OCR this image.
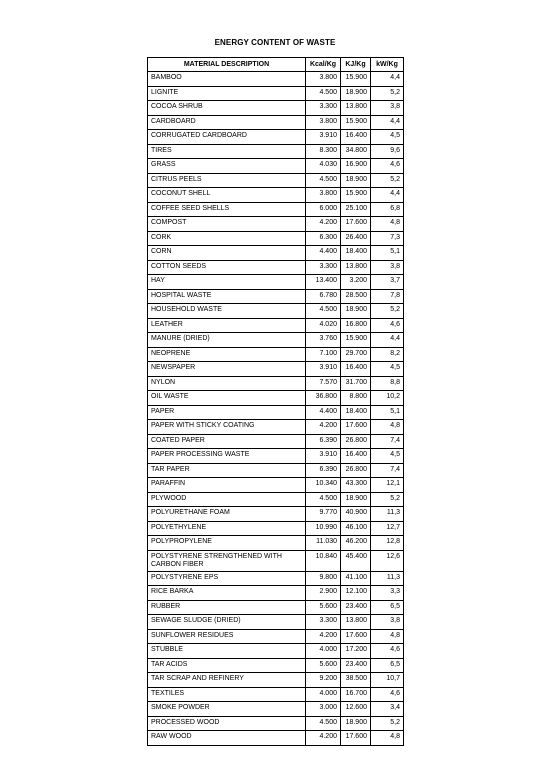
ENERGY CONTENT OF WASTE
MATERIAL DESCRIPTION	Kcal/Kg	KJ/Kg	kW/Kg
BAMBOO	3.800	15.900	4,4
LIGNITE	4.500	18.900	5,2
COCOA SHRUB	3.300	13.800	3,8
CARDBOARD	3.800	15.900	4,4
CORRUGATED CARDBOARD	3.910	16.400	4,5
TIRES	8.300	34.800	9,6
GRASS	4.030	16.900	4,6
CITRUS PEELS	4.500	18.900	5,2
COCONUT SHELL	3.800	15.900	4,4
COFFEE SEED SHELLS	6.000	25.100	6,8
COMPOST	4.200	17.600	4,8
CORK	6.300	26.400	7,3
CORN	4.400	18.400	5,1
COTTON SEEDS	3.300	13.800	3,8
HAY	13.400	3.200	3,7
HOSPITAL WASTE	6.780	28.500	7,8
HOUSEHOLD WASTE	4.500	18.900	5,2
LEATHER	4.020	16.800	4,6
MANURE (DRIED)	3.760	15.900	4,4
NEOPRENE	7.100	29.700	8,2
NEWSPAPER	3.910	16.400	4,5
NYLON	7.570	31.700	8,8
OIL WASTE	36.800	8.800	10,2
PAPER	4.400	18.400	5,1
PAPER WITH STICKY COATING	4.200	17.600	4,8
COATED PAPER	6.390	26.800	7,4
PAPER PROCESSING WASTE	3.910	16.400	4,5
TAR PAPER	6.390	26.800	7,4
PARAFFIN	10.340	43.300	12,1
PLYWOOD	4.500	18.900	5,2
POLYURETHANE FOAM	9.770	40.900	11,3
POLYETHYLENE	10.990	46.100	12,7
POLYPROPYLENE	11.030	46.200	12,8
POLYSTYRENE STRENGTHENED WITH CARBON FIBER	10.840	45.400	12,6
POLYSTYRENE EPS	9.800	41.100	11,3
RICE BARKA	2.900	12.100	3,3
RUBBER	5.600	23.400	6,5
SEWAGE SLUDGE (DRIED)	3.300	13.800	3,8
SUNFLOWER RESIDUES	4.200	17.600	4,8
STUBBLE	4.000	17.200	4,6
TAR ACIDS	5.600	23.400	6,5
TAR SCRAP AND REFINERY	9.200	38.500	10,7
TEXTILES	4.000	16.700	4,6
SMOKE POWDER	3.000	12.600	3,4
PROCESSED WOOD	4.500	18.900	5,2
RAW WOOD	4.200	17.600	4,8
